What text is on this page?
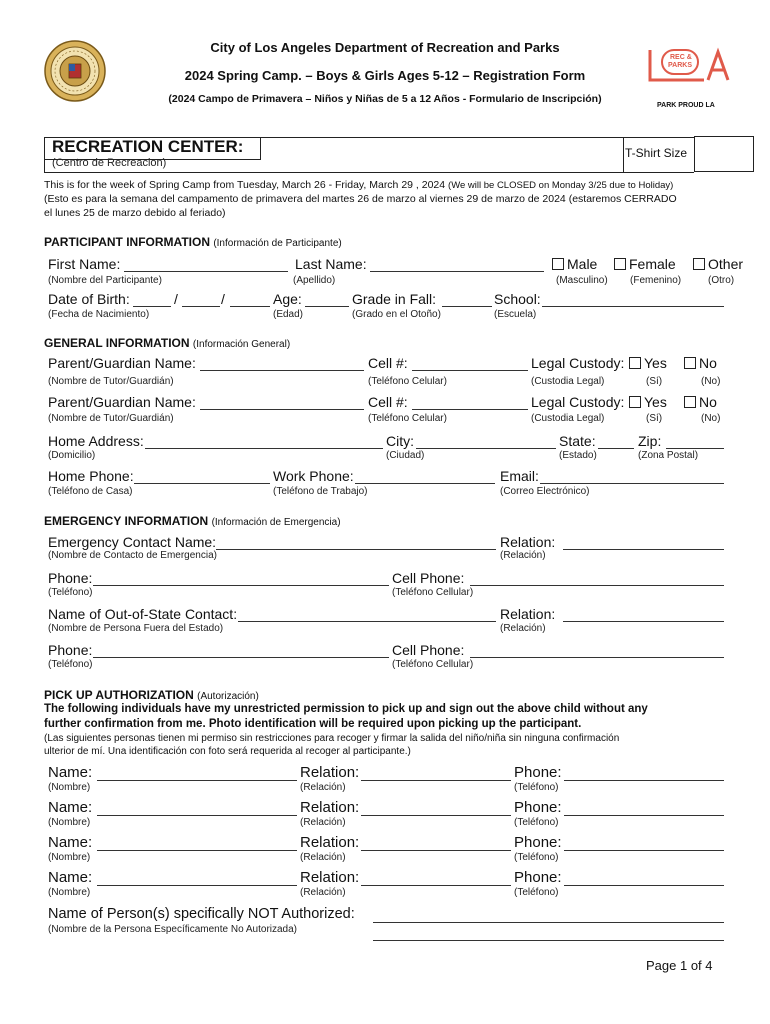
City of Los Angeles Department of Recreation and Parks
2024 Spring Camp. – Boys & Girls Ages 5-12 – Registration Form
(2024 Campo de Primavera – Niños y Niñas de 5 a 12 Años - Formulario de Inscripción)
REC &
PARKS
PARK PROUD LA
RECREATION CENTER:
(Centro de Recreacion)
T-Shirt Size
This is for the week of Spring Camp from Tuesday, March 26 - Friday, March 29 , 2024 (We will be CLOSED on Monday 3/25 due to Holiday)
(Esto es para la semana del campamento de primavera del martes 26 de marzo al viernes 29 de marzo de 2024 (estaremos CERRADO
el lunes 25 de marzo debido al feriado)
PARTICIPANT INFORMATION (Información de Participante)
First Name:	Last Name:	Male	Female	Other
(Nombre del Participante)	(Apellido)	(Masculino) (Femenino)	(Otro)
Date of Birth:	/	/	Age:	Grade in Fall:	School:
(Fecha de Nacimiento)	(Edad)	(Grado en el Otoño)	(Escuela)
GENERAL INFORMATION (Información General)
Parent/Guardian Name:	Cell #:	Legal Custody:	Yes	No
(Nombre de Tutor/Guardián)	(Teléfono Celular)	(Custodia Legal)	(Sí)	(No)
Parent/Guardian Name:	Cell #:	Legal Custody:	Yes	No
(Nombre de Tutor/Guardián)	(Teléfono Celular)	(Custodia Legal)	(Sí)	(No)
Home Address:	City:	State:	Zip:
(Domicilio)	(Ciudad)	(Estado)	(Zona Postal)
Home Phone:	Work Phone:	Email:
(Teléfono de Casa)	(Teléfono de Trabajo)	(Correo Electrónico)
EMERGENCY INFORMATION (Información de Emergencia)
Emergency Contact Name:	Relation:
(Nombre de Contacto de Emergencia)	(Relación)
Phone:	Cell Phone:
(Teléfono)	(Teléfono Cellular)
Name of Out-of-State Contact:	Relation:
(Nombre de Persona Fuera del Estado)	(Relación)
Phone:	Cell Phone:
(Teléfono)	(Teléfono Cellular)
PICK UP AUTHORIZATION (Autorización)
The following individuals have my unrestricted permission to pick up and sign out the above child without any
further confirmation from me. Photo identification will be required upon picking up the participant.
(Las siguientes personas tienen mi permiso sin restricciones para recoger y firmar la salida del niño/niña sin ninguna confirmación
ulterior de mí. Una identificación con foto será requerida al recoger al participante.)
Name:	Relation:	Phone:
(Nombre)	(Relación)	(Teléfono)
Name:	Relation:	Phone:
(Nombre)	(Relación)	(Teléfono)
Name:	Relation:	Phone:
(Nombre)	(Relación)	(Teléfono)
Name:	Relation:	Phone:
(Nombre)	(Relación)	(Teléfono)
Name of Person(s) specifically NOT Authorized:
(Nombre de la Persona Específicamente No Autorizada)
Page 1 of 4
